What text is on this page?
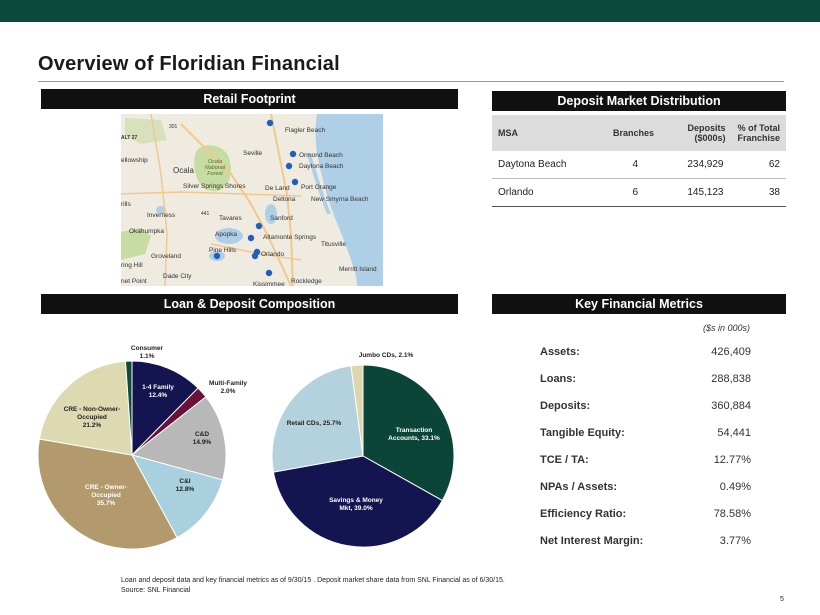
Overview of Floridian Financial
Retail Footprint	Deposit Market Distribution
Loan & Deposit Composition	Key Financial Metrics
Flagler Beach
Seville	Ormond Beach
Daytona Beach
Ocala
Ocala National Forest
Silver Springs Shores	De Land Port Orange
Deltona New Smyrna Beach
Inverness	Tavares	Sanford
Okahumpka	Apopka	Altamonte Springs
Titusville
Groveland
Pine Hills
Orlando
Merritt Island
Dade City
Rockledge
Kissimmee
ellowship
rills
ring Hill
net Point
ALT 27
301
441
MSA	Branches	Deposits ($000s)	% of Total Franchise
Daytona Beach	4	234,929	62
Orlando	6	145,123	38
1-4 Family
12.4%
Multi-Family
2.0%
C&D
14.9%
C&I
12.8%
CRE - Owner-
Occupied
35.7%
CRE - Non-Owner-
Occupied
21.2%
Consumer
1.1%
Transaction
Accounts, 33.1%
Savings & Money
Mkt, 39.0%
Retail CDs, 25.7%
Jumbo CDs, 2.1%
($s in 000s)
Assets:	426,409
Loans:	288,838
Deposits:	360,884
Tangible Equity:	54,441
TCE / TA:	12.77%
NPAs / Assets:	0.49%
Efficiency Ratio:	78.58%
Net Interest Margin:	3.77%
Loan and deposit data and key financial metrics as of 9/30/15 . Deposit market share data from SNL Financial as of 6/30/15.
Source: SNL Financial
5
